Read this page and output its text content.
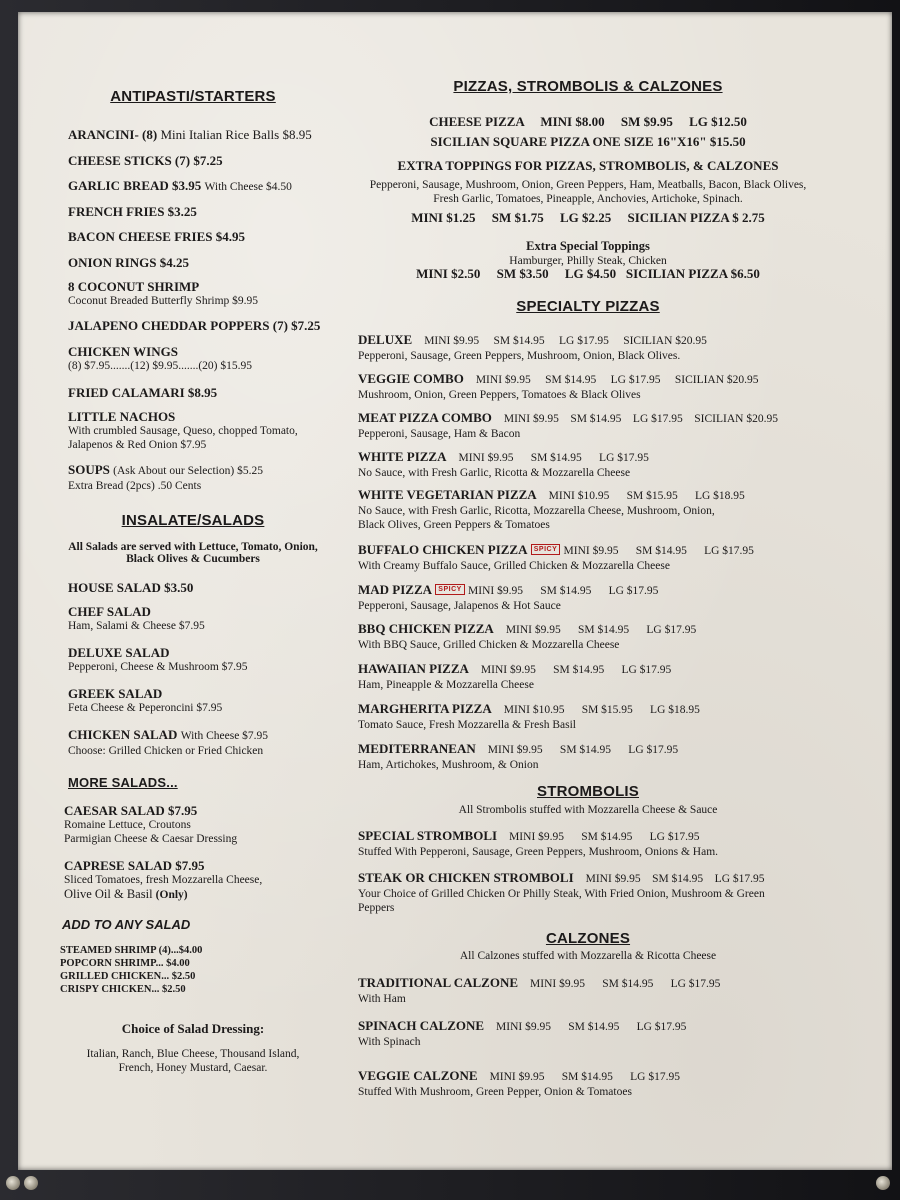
ANTIPASTI/STARTERS
ARANCINI- (8) Mini Italian Rice Balls $8.95
CHEESE STICKS (7) $7.25
GARLIC BREAD $3.95 With Cheese $4.50
FRENCH FRIES $3.25
BACON CHEESE FRIES $4.95
ONION RINGS $4.25
8 COCONUT SHRIMP
Coconut Breaded Butterfly Shrimp $9.95
JALAPENO CHEDDAR POPPERS (7) $7.25
CHICKEN WINGS
(8) $7.95.......(12) $9.95.......(20) $15.95
FRIED CALAMARI $8.95
LITTLE NACHOS
With crumbled Sausage, Queso, chopped Tomato,
Jalapenos & Red Onion $7.95
SOUPS (Ask About our Selection) $5.25
Extra Bread (2pcs) .50 Cents
INSALATE/SALADS
All Salads are served with Lettuce, Tomato, Onion,
Black Olives & Cucumbers
HOUSE SALAD $3.50
CHEF SALAD
Ham, Salami & Cheese $7.95
DELUXE SALAD
Pepperoni, Cheese & Mushroom $7.95
GREEK SALAD
Feta Cheese & Peperoncini $7.95
CHICKEN SALAD With Cheese $7.95
Choose: Grilled Chicken or Fried Chicken
MORE SALADS...
CAESAR SALAD $7.95
Romaine Lettuce, Croutons
Parmigian Cheese & Caesar Dressing
CAPRESE SALAD $7.95
Sliced Tomatoes, fresh Mozzarella Cheese,
Olive Oil & Basil (Only)
ADD TO ANY SALAD
STEAMED SHRIMP (4)...$4.00
POPCORN SHRIMP... $4.00
GRILLED CHICKEN... $2.50
CRISPY CHICKEN... $2.50
Choice of Salad Dressing:
Italian, Ranch, Blue Cheese, Thousand Island,
French, Honey Mustard, Caesar.
PIZZAS, STROMBOLIS & CALZONES
CHEESE PIZZA     MINI $8.00     SM $9.95     LG $12.50
SICILIAN SQUARE PIZZA ONE SIZE 16"X16" $15.50
EXTRA TOPPINGS FOR PIZZAS, STROMBOLIS, & CALZONES
Pepperoni, Sausage, Mushroom, Onion, Green Peppers, Ham, Meatballs, Bacon, Black Olives,
Fresh Garlic, Tomatoes, Pineapple, Anchovies, Artichoke, Spinach.
MINI $1.25     SM $1.75     LG $2.25     SICILIAN PIZZA $ 2.75
Extra Special Toppings
Hamburger, Philly Steak, Chicken
MINI $2.50     SM $3.50     LG $4.50   SICILIAN PIZZA $6.50
SPECIALTY PIZZAS
DELUXE MINI $9.95     SM $14.95     LG $17.95     SICILIAN $20.95
Pepperoni, Sausage, Green Peppers, Mushroom, Onion, Black Olives.
VEGGIE COMBO MINI $9.95     SM $14.95     LG $17.95     SICILIAN $20.95
Mushroom, Onion, Green Peppers, Tomatoes & Black Olives
MEAT PIZZA COMBO MINI $9.95    SM $14.95    LG $17.95    SICILIAN $20.95
Pepperoni, Sausage, Ham & Bacon
WHITE PIZZA MINI $9.95      SM $14.95      LG $17.95
No Sauce, with Fresh Garlic, Ricotta & Mozzarella Cheese
WHITE VEGETARIAN PIZZA MINI $10.95      SM $15.95      LG $18.95
No Sauce, with Fresh Garlic, Ricotta, Mozzarella Cheese, Mushroom, Onion,
Black Olives, Green Peppers & Tomatoes
BUFFALO CHICKEN PIZZA SPICY MINI $9.95      SM $14.95      LG $17.95
With Creamy Buffalo Sauce, Grilled Chicken & Mozzarella Cheese
MAD PIZZA SPICY MINI $9.95      SM $14.95      LG $17.95
Pepperoni, Sausage, Jalapenos & Hot Sauce
BBQ CHICKEN PIZZA MINI $9.95      SM $14.95      LG $17.95
With BBQ Sauce, Grilled Chicken & Mozzarella Cheese
HAWAIIAN PIZZA MINI $9.95      SM $14.95      LG $17.95
Ham, Pineapple & Mozzarella Cheese
MARGHERITA PIZZA MINI $10.95      SM $15.95      LG $18.95
Tomato Sauce, Fresh Mozzarella & Fresh Basil
MEDITERRANEAN MINI $9.95      SM $14.95      LG $17.95
Ham, Artichokes, Mushroom, & Onion
STROMBOLIS
All Strombolis stuffed with Mozzarella Cheese & Sauce
SPECIAL STROMBOLI MINI $9.95      SM $14.95      LG $17.95
Stuffed With Pepperoni, Sausage, Green Peppers, Mushroom, Onions & Ham.
STEAK OR CHICKEN STROMBOLI MINI $9.95    SM $14.95    LG $17.95
Your Choice of Grilled Chicken Or Philly Steak, With Fried Onion, Mushroom & Green
Peppers
CALZONES
All Calzones stuffed with Mozzarella & Ricotta Cheese
TRADITIONAL CALZONE MINI $9.95      SM $14.95      LG $17.95
With Ham
SPINACH CALZONE MINI $9.95      SM $14.95      LG $17.95
With Spinach
VEGGIE CALZONE MINI $9.95      SM $14.95      LG $17.95
Stuffed With Mushroom, Green Pepper, Onion & Tomatoes
